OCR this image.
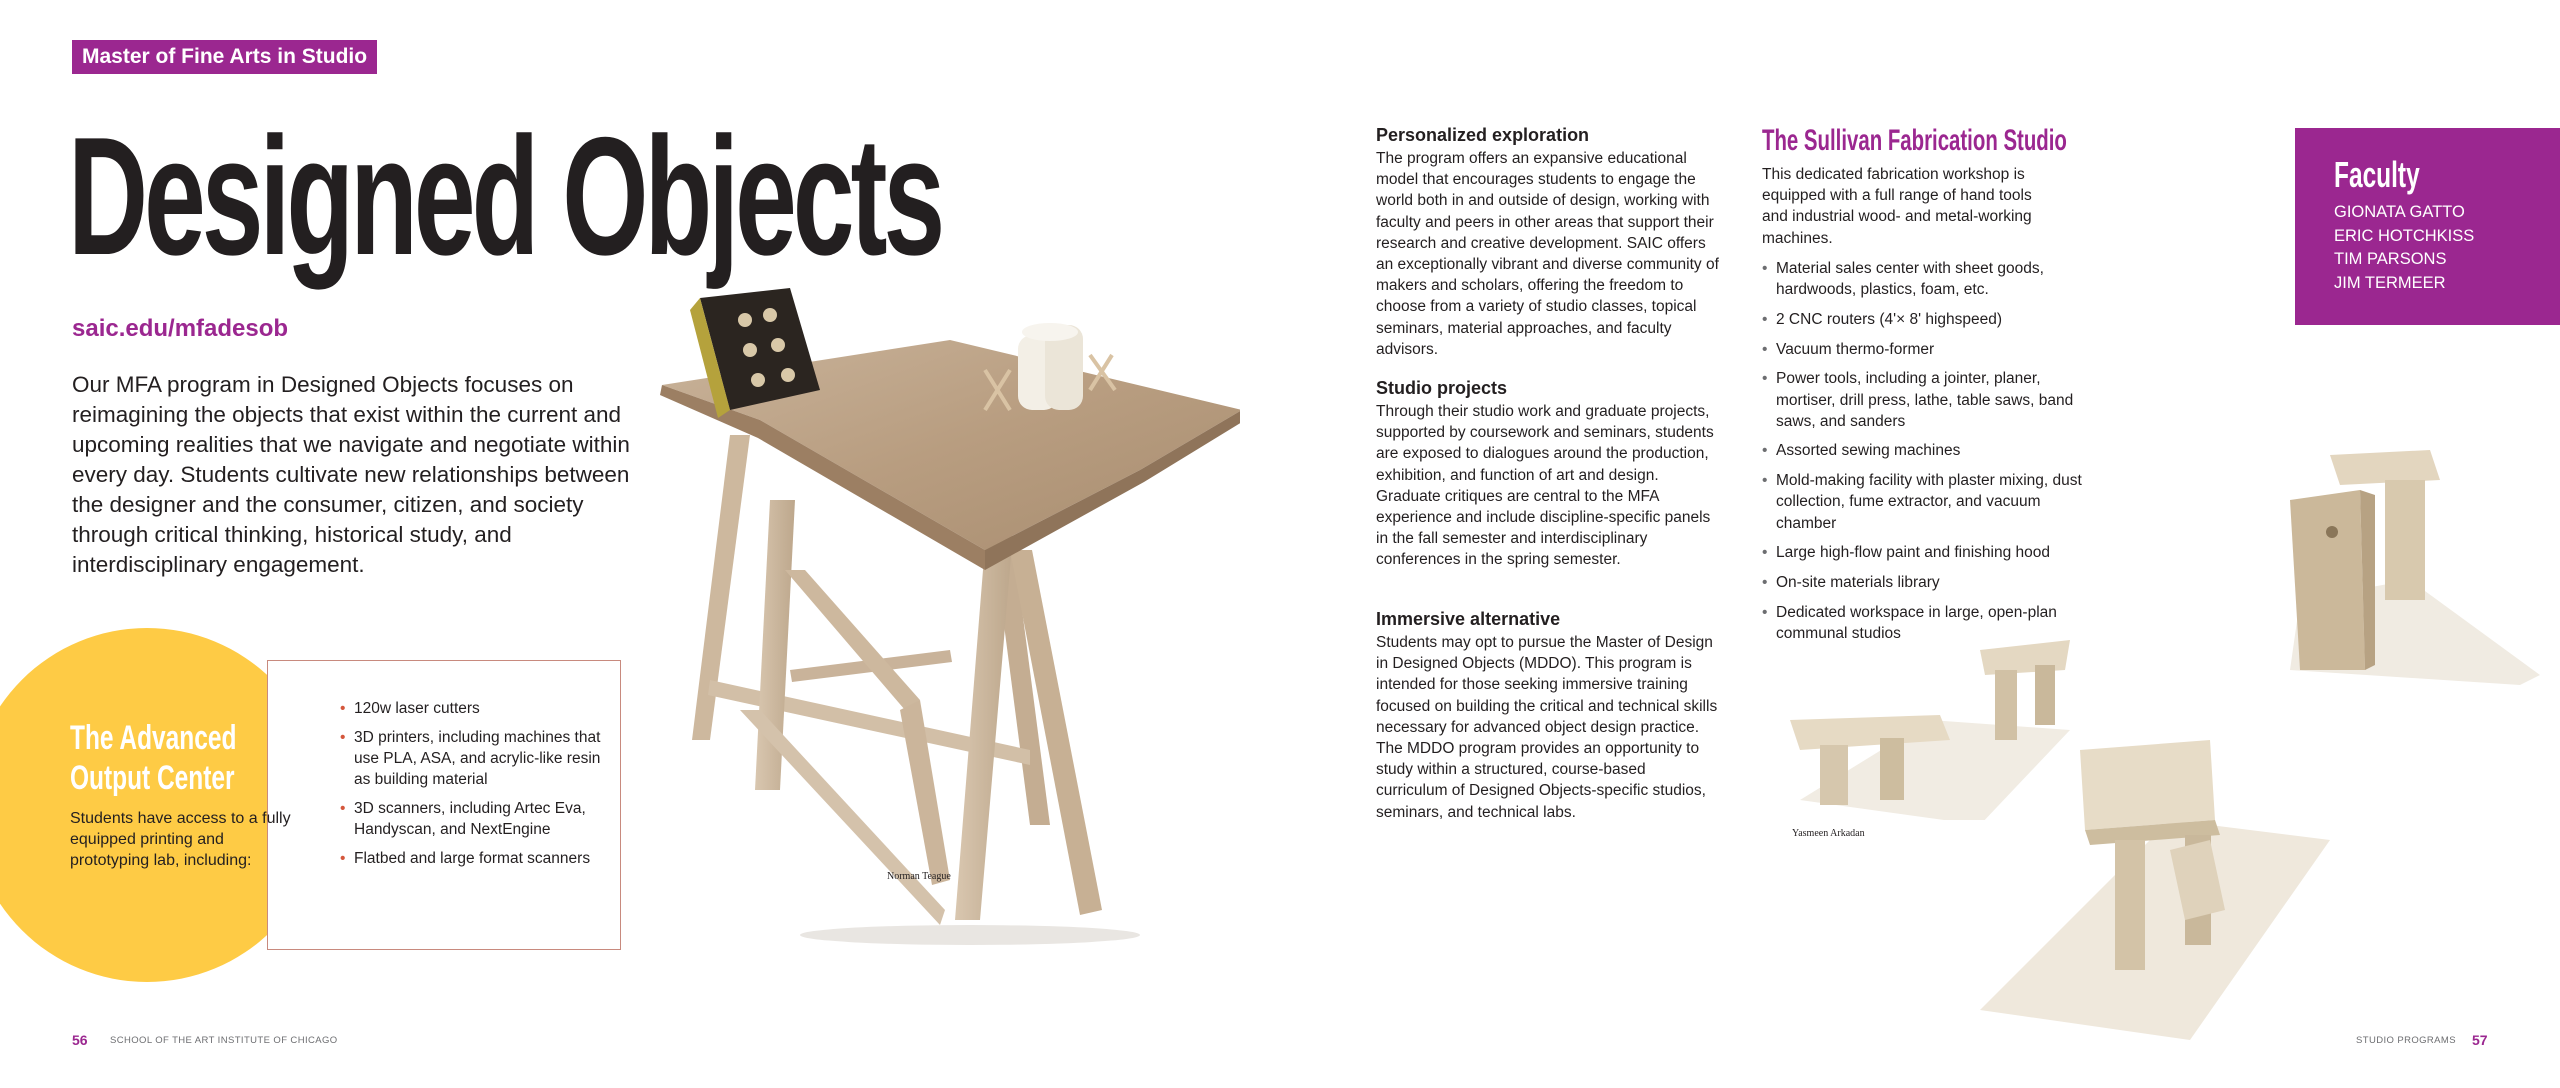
Master of Fine Arts in Studio
Designed Objects
saic.edu/mfadesob

Our MFA program in Designed Objects focuses on reimagining the objects that exist within the current and upcoming realities that we navigate and negotiate within every day. Students cultivate new relationships between the designer and the consumer, citizen, and society through critical thinking, historical study, and interdisciplinary engagement.

The Advanced
Output Center

Students have access to a fully equipped printing and prototyping lab, including:

• 120w laser cutters
• 3D printers, including machines that use PLA, ASA, and acrylic-like resin as building material
• 3D scanners, including Artec Eva, Handyscan, and NextEngine
• Flatbed and large format scanners
Norman Teague
56 SCHOOL OF THE ART INSTITUTE OF CHICAGO
Personalized exploration

The program offers an expansive educational model that encourages students to engage the world both in and outside of design, working with faculty and peers in other areas that support their research and creative development. SAIC offers an exceptionally vibrant and diverse community of makers and scholars, offering the freedom to choose from a variety of studio classes, topical seminars, material approaches, and faculty advisors.

Studio projects

Through their studio work and graduate projects, supported by coursework and seminars, students are exposed to dialogues around the production, exhibition, and function of art and design. Graduate critiques are central to the MFA experience and include discipline-specific panels in the fall semester and interdisciplinary conferences in the spring semester.

Immersive alternative

Students may opt to pursue the Master of Design in Designed Objects (MDDO). This program is intended for those seeking immersive training focused on building the critical and technical skills necessary for advanced object design practice. The MDDO program provides an opportunity to study within a structured, course-based curriculum of Designed Objects-specific studios, seminars, and technical labs.

The Sullivan Fabrication Studio

This dedicated fabrication workshop is equipped with a full range of hand tools and industrial wood- and metal-working machines.

• Material sales center with sheet goods, hardwoods, plastics, foam, etc.
• 2 CNC routers (4'× 8' highspeed)
• Vacuum thermo-former
• Power tools, including a jointer, planer, mortiser, drill press, lathe, table saws, band saws, and sanders
• Assorted sewing machines
• Mold-making facility with plaster mixing, dust collection, fume extractor, and vacuum chamber
• Large high-flow paint and finishing hood
• On-site materials library
• Dedicated workspace in large, open-plan communal studios
Faculty
GIONATA GATTO
ERIC HOTCHKISS
TIM PARSONS
JIM TERMEER
Yasmeen Arkadan
STUDIO PROGRAMS 57
